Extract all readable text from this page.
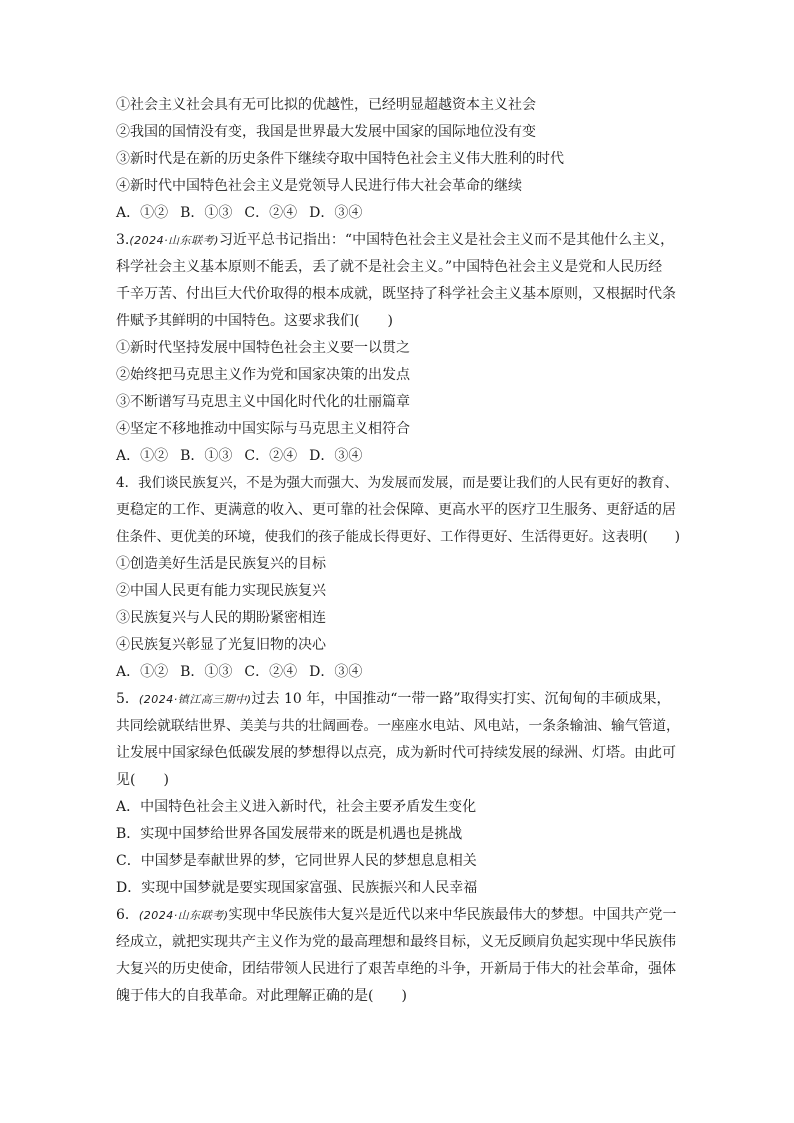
①社会主义社会具有无可比拟的优越性，已经明显超越资本主义社会
②我国的国情没有变，我国是世界最大发展中国家的国际地位没有变
③新时代是在新的历史条件下继续夺取中国特色社会主义伟大胜利的时代
④新时代中国特色社会主义是党领导人民进行伟大社会革命的继续
A．①② B．①③ C．②④ D．③④
3.(2024·山东联考)习近平总书记指出：“中国特色社会主义是社会主义而不是其他什么主义，
科学社会主义基本原则不能丢，丢了就不是社会主义。”中国特色社会主义是党和人民历经
千辛万苦、付出巨大代价取得的根本成就，既坚持了科学社会主义基本原则，又根据时代条
件赋予其鲜明的中国特色。这要求我们(　　)
①新时代坚持发展中国特色社会主义要一以贯之
②始终把马克思主义作为党和国家决策的出发点
③不断谱写马克思主义中国化时代化的壮丽篇章
④坚定不移地推动中国实际与马克思主义相符合
A．①② B．①③ C．②④ D．③④
4．我们谈民族复兴，不是为强大而强大、为发展而发展，而是要让我们的人民有更好的教育、
更稳定的工作、更满意的收入、更可靠的社会保障、更高水平的医疗卫生服务、更舒适的居
住条件、更优美的环境，使我们的孩子能成长得更好、工作得更好、生活得更好。这表明(　　)
①创造美好生活是民族复兴的目标
②中国人民更有能力实现民族复兴
③民族复兴与人民的期盼紧密相连
④民族复兴彰显了光复旧物的决心
A．①② B．①③ C．②④ D．③④
5．(2024·镇江高三期中)过去 10 年，中国推动“一带一路”取得实打实、沉甸甸的丰硕成果，
共同绘就联结世界、美美与共的壮阔画卷。一座座水电站、风电站，一条条输油、输气管道，
让发展中国家绿色低碳发展的梦想得以点亮，成为新时代可持续发展的绿洲、灯塔。由此可
见(　　)
A．中国特色社会主义进入新时代，社会主要矛盾发生变化
B．实现中国梦给世界各国发展带来的既是机遇也是挑战
C．中国梦是奉献世界的梦，它同世界人民的梦想息息相关
D．实现中国梦就是要实现国家富强、民族振兴和人民幸福
6．(2024·山东联考)实现中华民族伟大复兴是近代以来中华民族最伟大的梦想。中国共产党一
经成立，就把实现共产主义作为党的最高理想和最终目标，义无反顾肩负起实现中华民族伟
大复兴的历史使命，团结带领人民进行了艰苦卓绝的斗争，开新局于伟大的社会革命，强体
魄于伟大的自我革命。对此理解正确的是(　　)
